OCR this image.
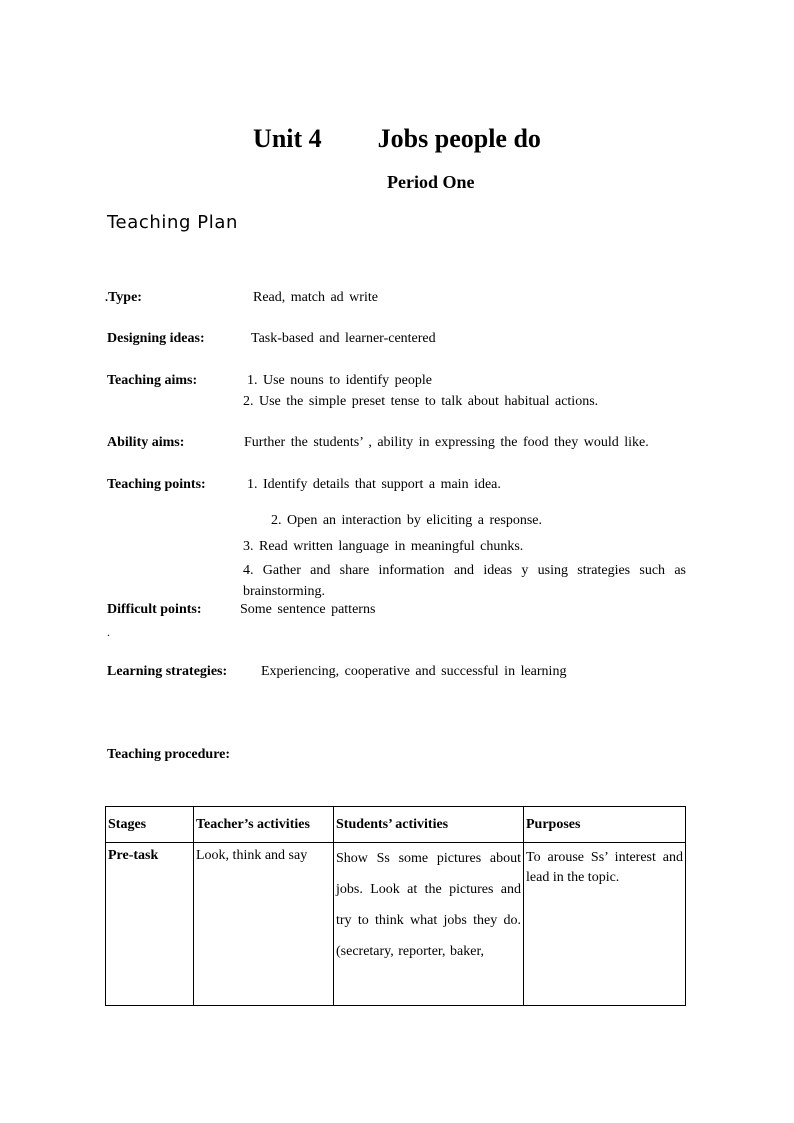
Unit 4 Jobs people do
Period One
Teaching Plan
.Type:	Read, match ad write
Designing ideas:	Task-based and learner-centered
Teaching aims:	1. Use nouns to identify people
2. Use the simple preset tense to talk about habitual actions.
Ability aims:	Further the students’ , ability in expressing the food they would like.
Teaching points:	1. Identify details that support a main idea.
2. Open an interaction by eliciting a response.
3. Read written language in meaningful chunks.
4. Gather and share information and ideas y using strategies such as brainstorming.
Difficult points:	Some sentence patterns
.
Learning strategies: Experiencing, cooperative and successful in learning
Teaching procedure:
Stages	Teacher’s activities	Students’ activities	Purposes
Pre-task	Look, think and say	Show Ss some pictures about jobs. Look at the pictures and try to think what jobs they do. (secretary, reporter, baker,	To arouse Ss’ interest and lead in the topic.
